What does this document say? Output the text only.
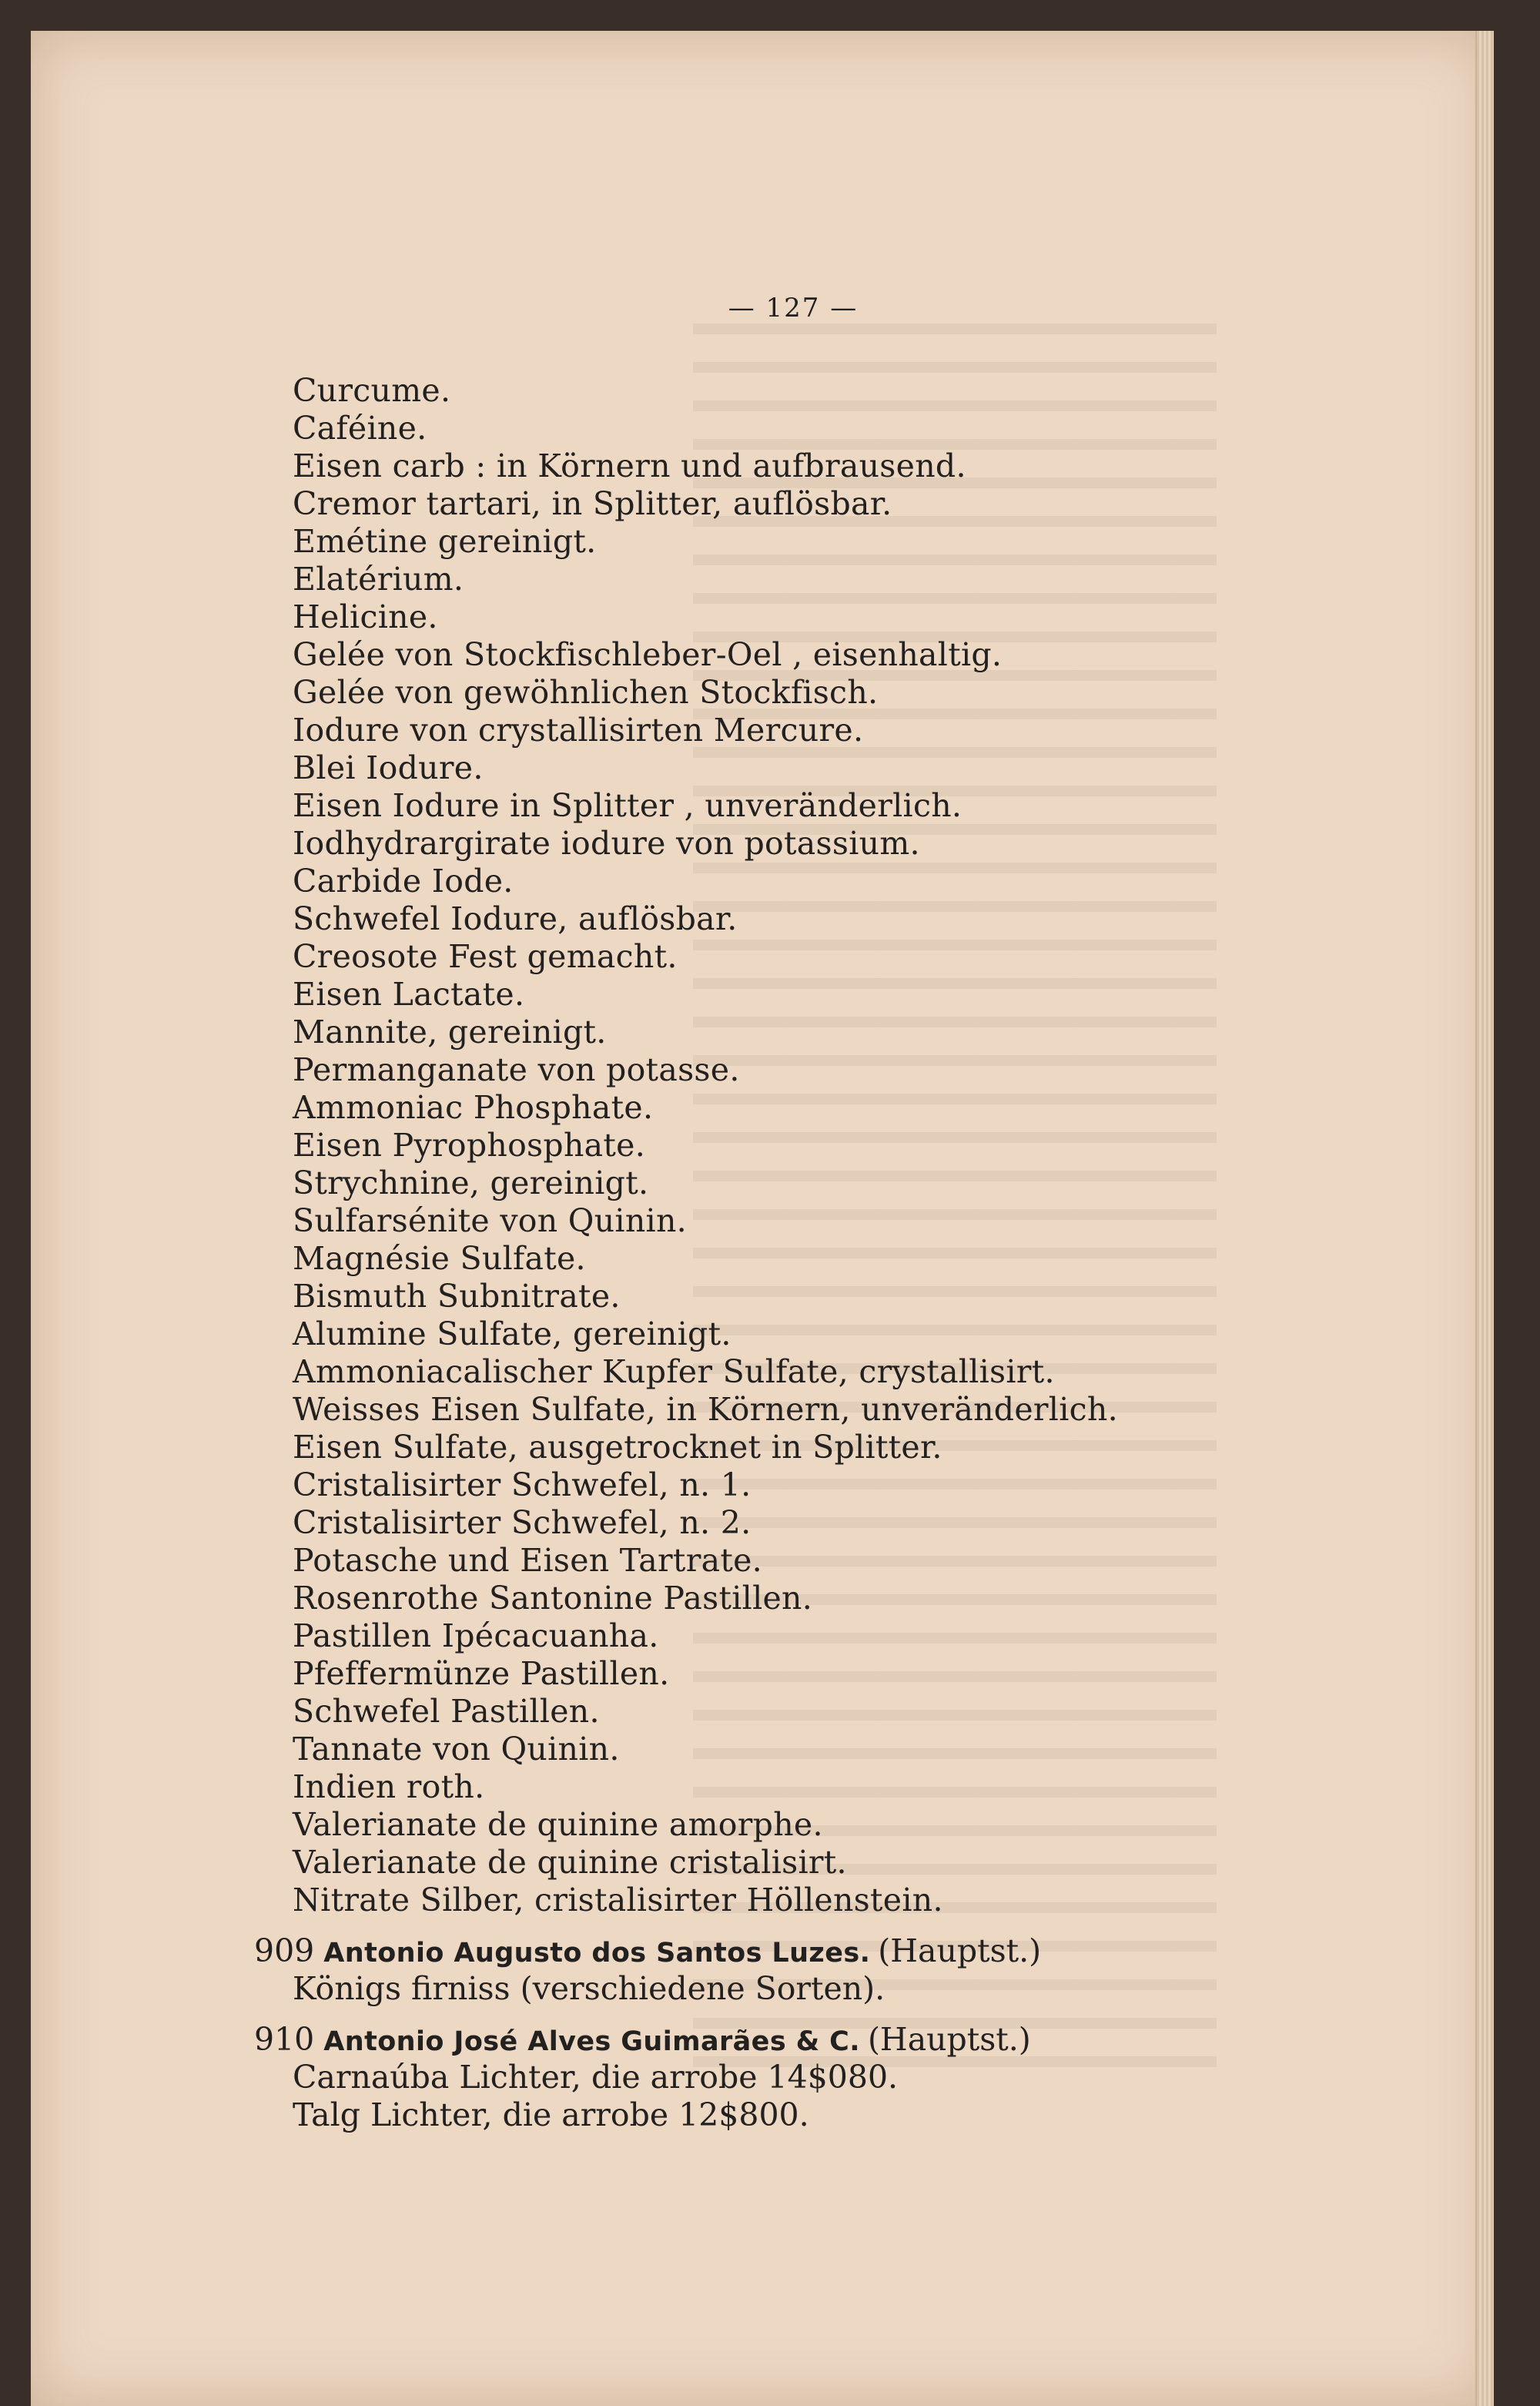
— 127 —
Curcume.
Caféine.
Eisen carb : in Körnern und aufbrausend.
Cremor tartari, in Splitter, auflösbar.
Emétine gereinigt.
Elatérium.
Helicine.
Gelée von Stockfischleber-Oel , eisenhaltig.
Gelée von gewöhnlichen Stockfisch.
Iodure von crystallisirten Mercure.
Blei Iodure.
Eisen Iodure in Splitter , unveränderlich.
Iodhydrargirate iodure von potassium.
Carbide Iode.
Schwefel Iodure, auflösbar.
Creosote Fest gemacht.
Eisen Lactate.
Mannite, gereinigt.
Permanganate von potasse.
Ammoniac Phosphate.
Eisen Pyrophosphate.
Strychnine, gereinigt.
Sulfarsénite von Quinin.
Magnésie Sulfate.
Bismuth Subnitrate.
Alumine Sulfate, gereinigt.
Ammoniacalischer Kupfer Sulfate, crystallisirt.
Weisses Eisen Sulfate, in Körnern, unveränderlich.
Eisen Sulfate, ausgetrocknet in Splitter.
Cristalisirter Schwefel, n. 1.
Cristalisirter Schwefel, n. 2.
Potasche und Eisen Tartrate.
Rosenrothe Santonine Pastillen.
Pastillen Ipécacuanha.
Pfeffermünze Pastillen.
Schwefel Pastillen.
Tannate von Quinin.
Indien roth.
Valerianate de quinine amorphe.
Valerianate de quinine cristalisirt.
Nitrate Silber, cristalisirter Höllenstein.
909 Antonio Augusto dos Santos Luzes. (Hauptst.)
Königs firniss (verschiedene Sorten).
910 Antonio José Alves Guimarães & C. (Hauptst.)
Carnaúba Lichter, die arrobe 14$080.
Talg Lichter, die arrobe 12$800.
